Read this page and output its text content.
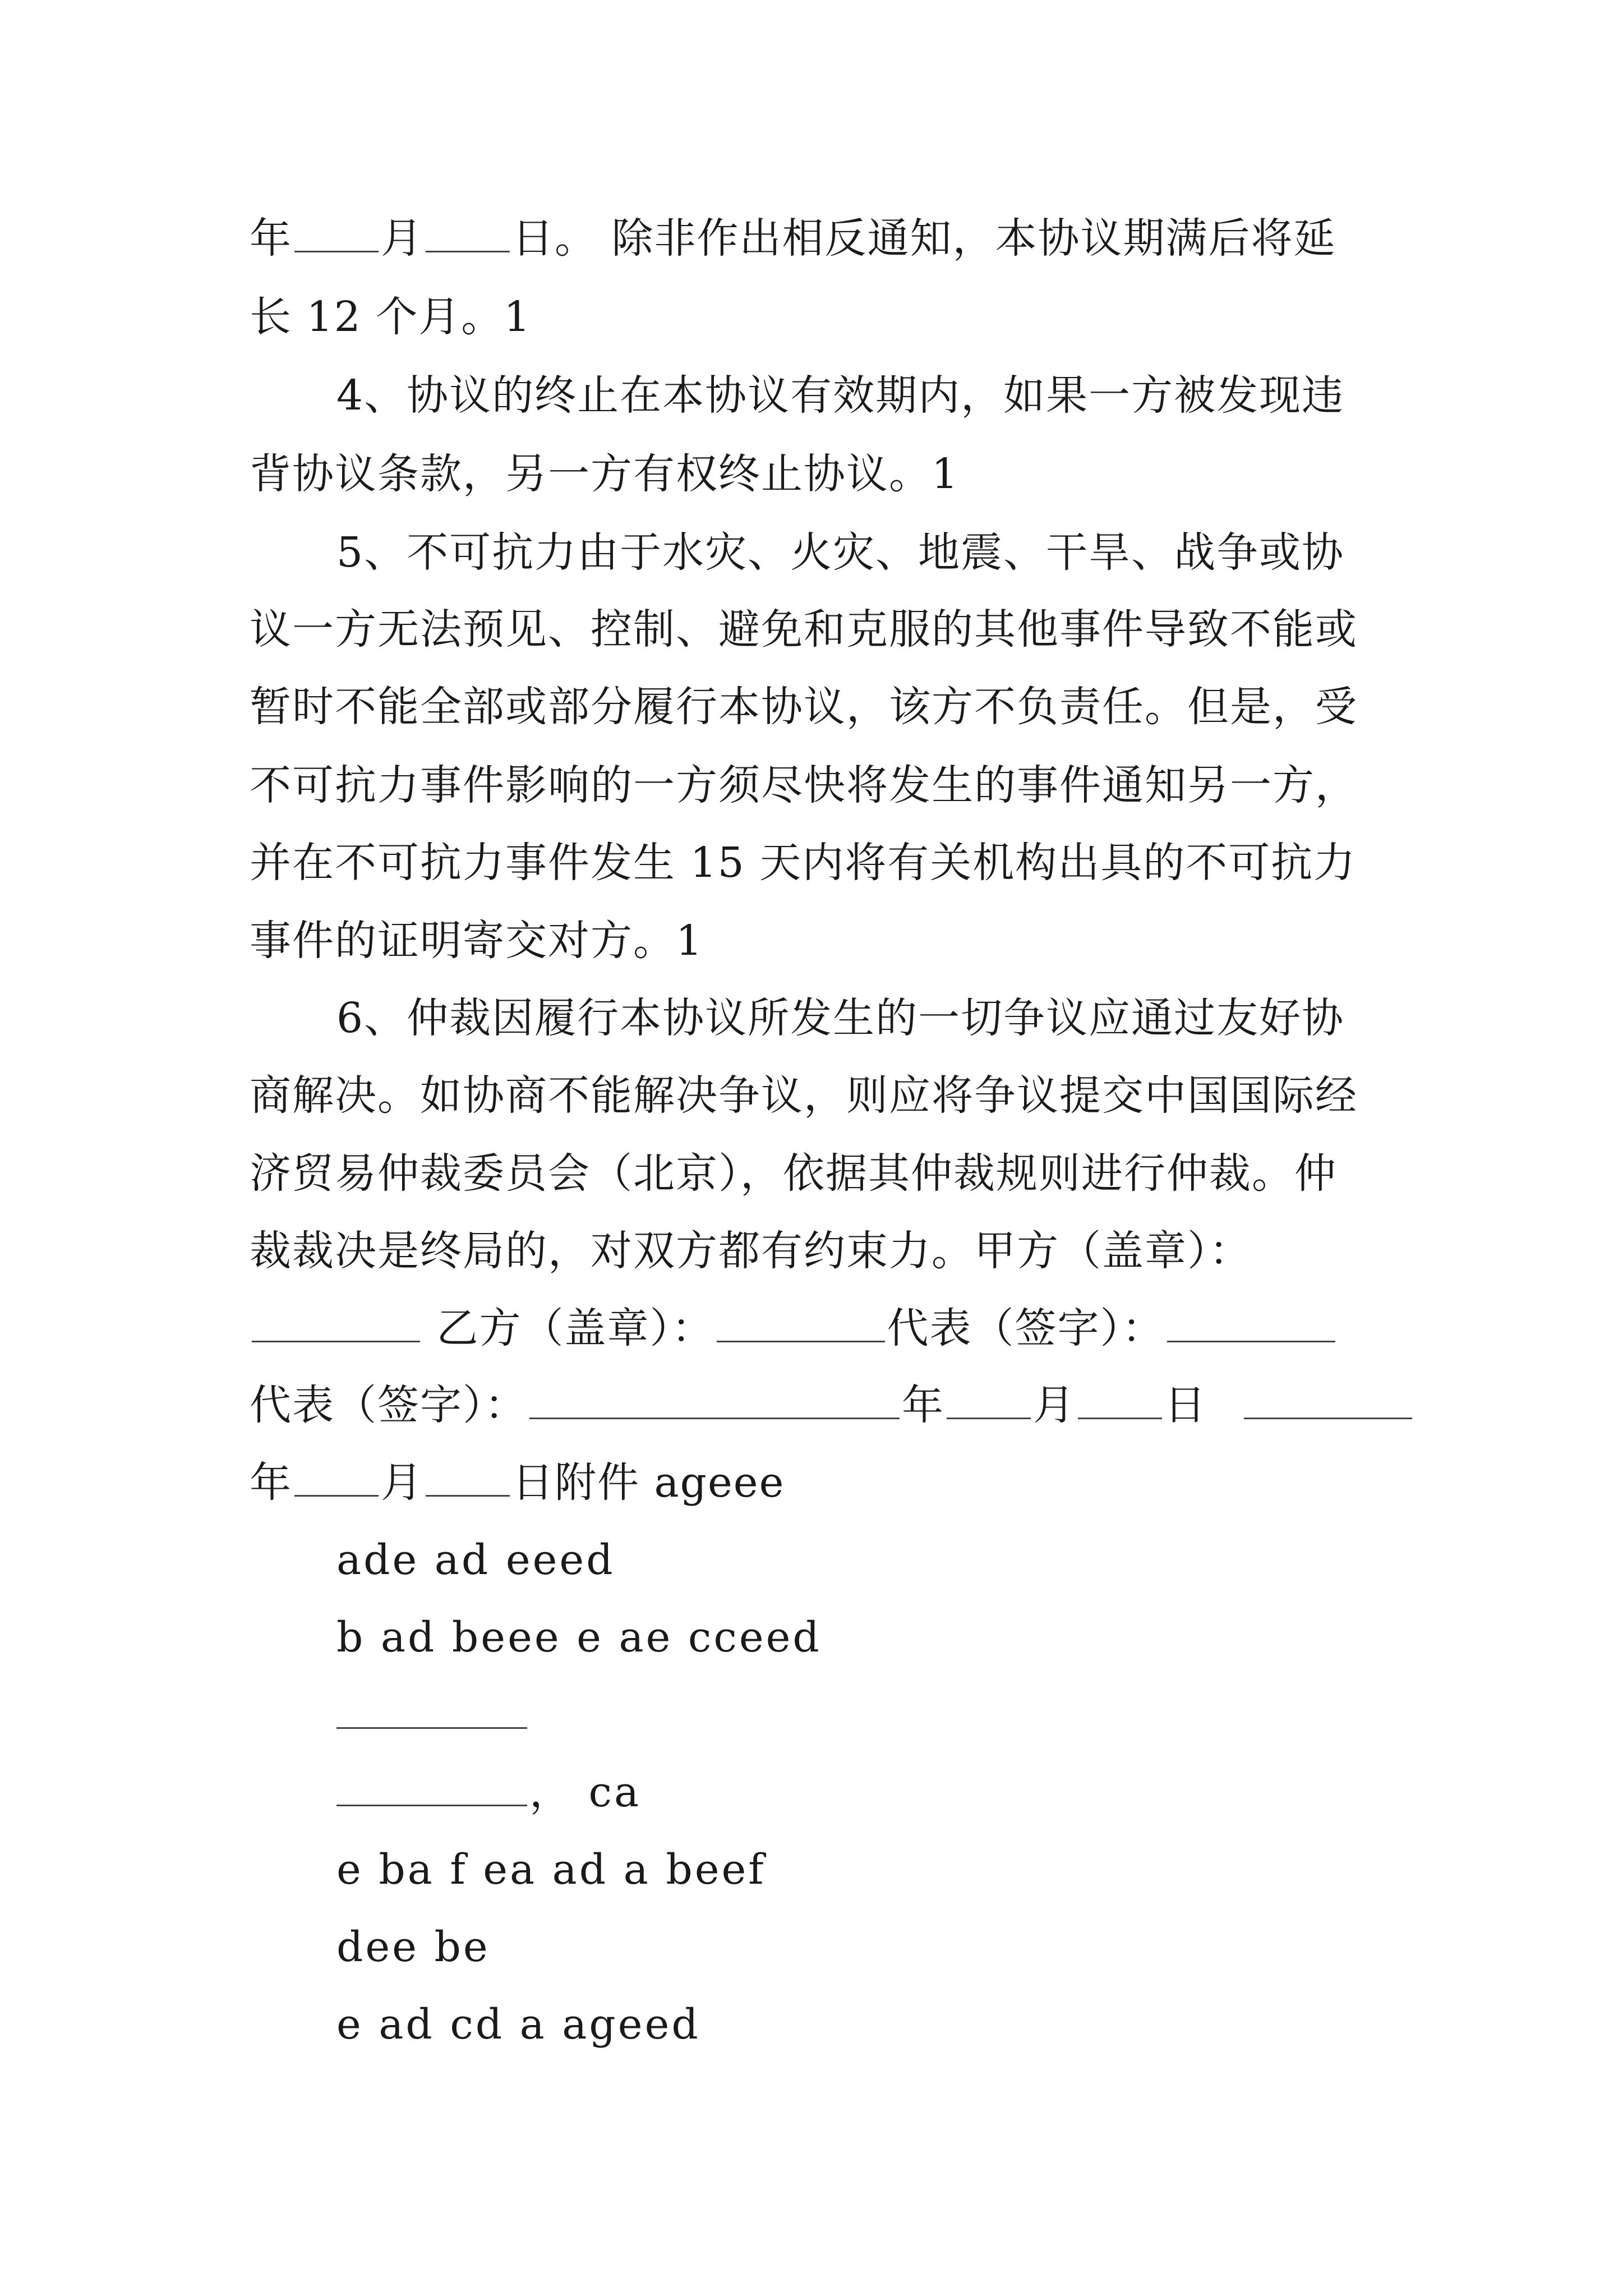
年 月 日。 除非作出相反通知，本协议期满后将延
长 12 个月。1
4、协议的终止在本协议有效期内，如果一方被发现违
背协议条款，另一方有权终止协议。1
5、不可抗力由于水灾、火灾、地震、干旱、战争或协
议一方无法预见、控制、避免和克服的其他事件导致不能或
暂时不能全部或部分履行本协议，该方不负责任。但是，受
不可抗力事件影响的一方须尽快将发生的事件通知另一方，
并在不可抗力事件发生 15 天内将有关机构出具的不可抗力
事件的证明寄交对方。1
6、仲裁因履行本协议所发生的一切争议应通过友好协
商解决。如协商不能解决争议，则应将争议提交中国国际经
济贸易仲裁委员会（北京），依据其仲裁规则进行仲裁。仲
裁裁决是终局的，对双方都有约束力。甲方（盖章）：
乙方（盖章）：	代表（签字）：
代表（签字）：	年 月 日
年 月 日附件 ageee
ade ad eeed
b ad beee e ae cceed
， ca
e ba f ea ad a beef
dee be
e ad cd a ageed
